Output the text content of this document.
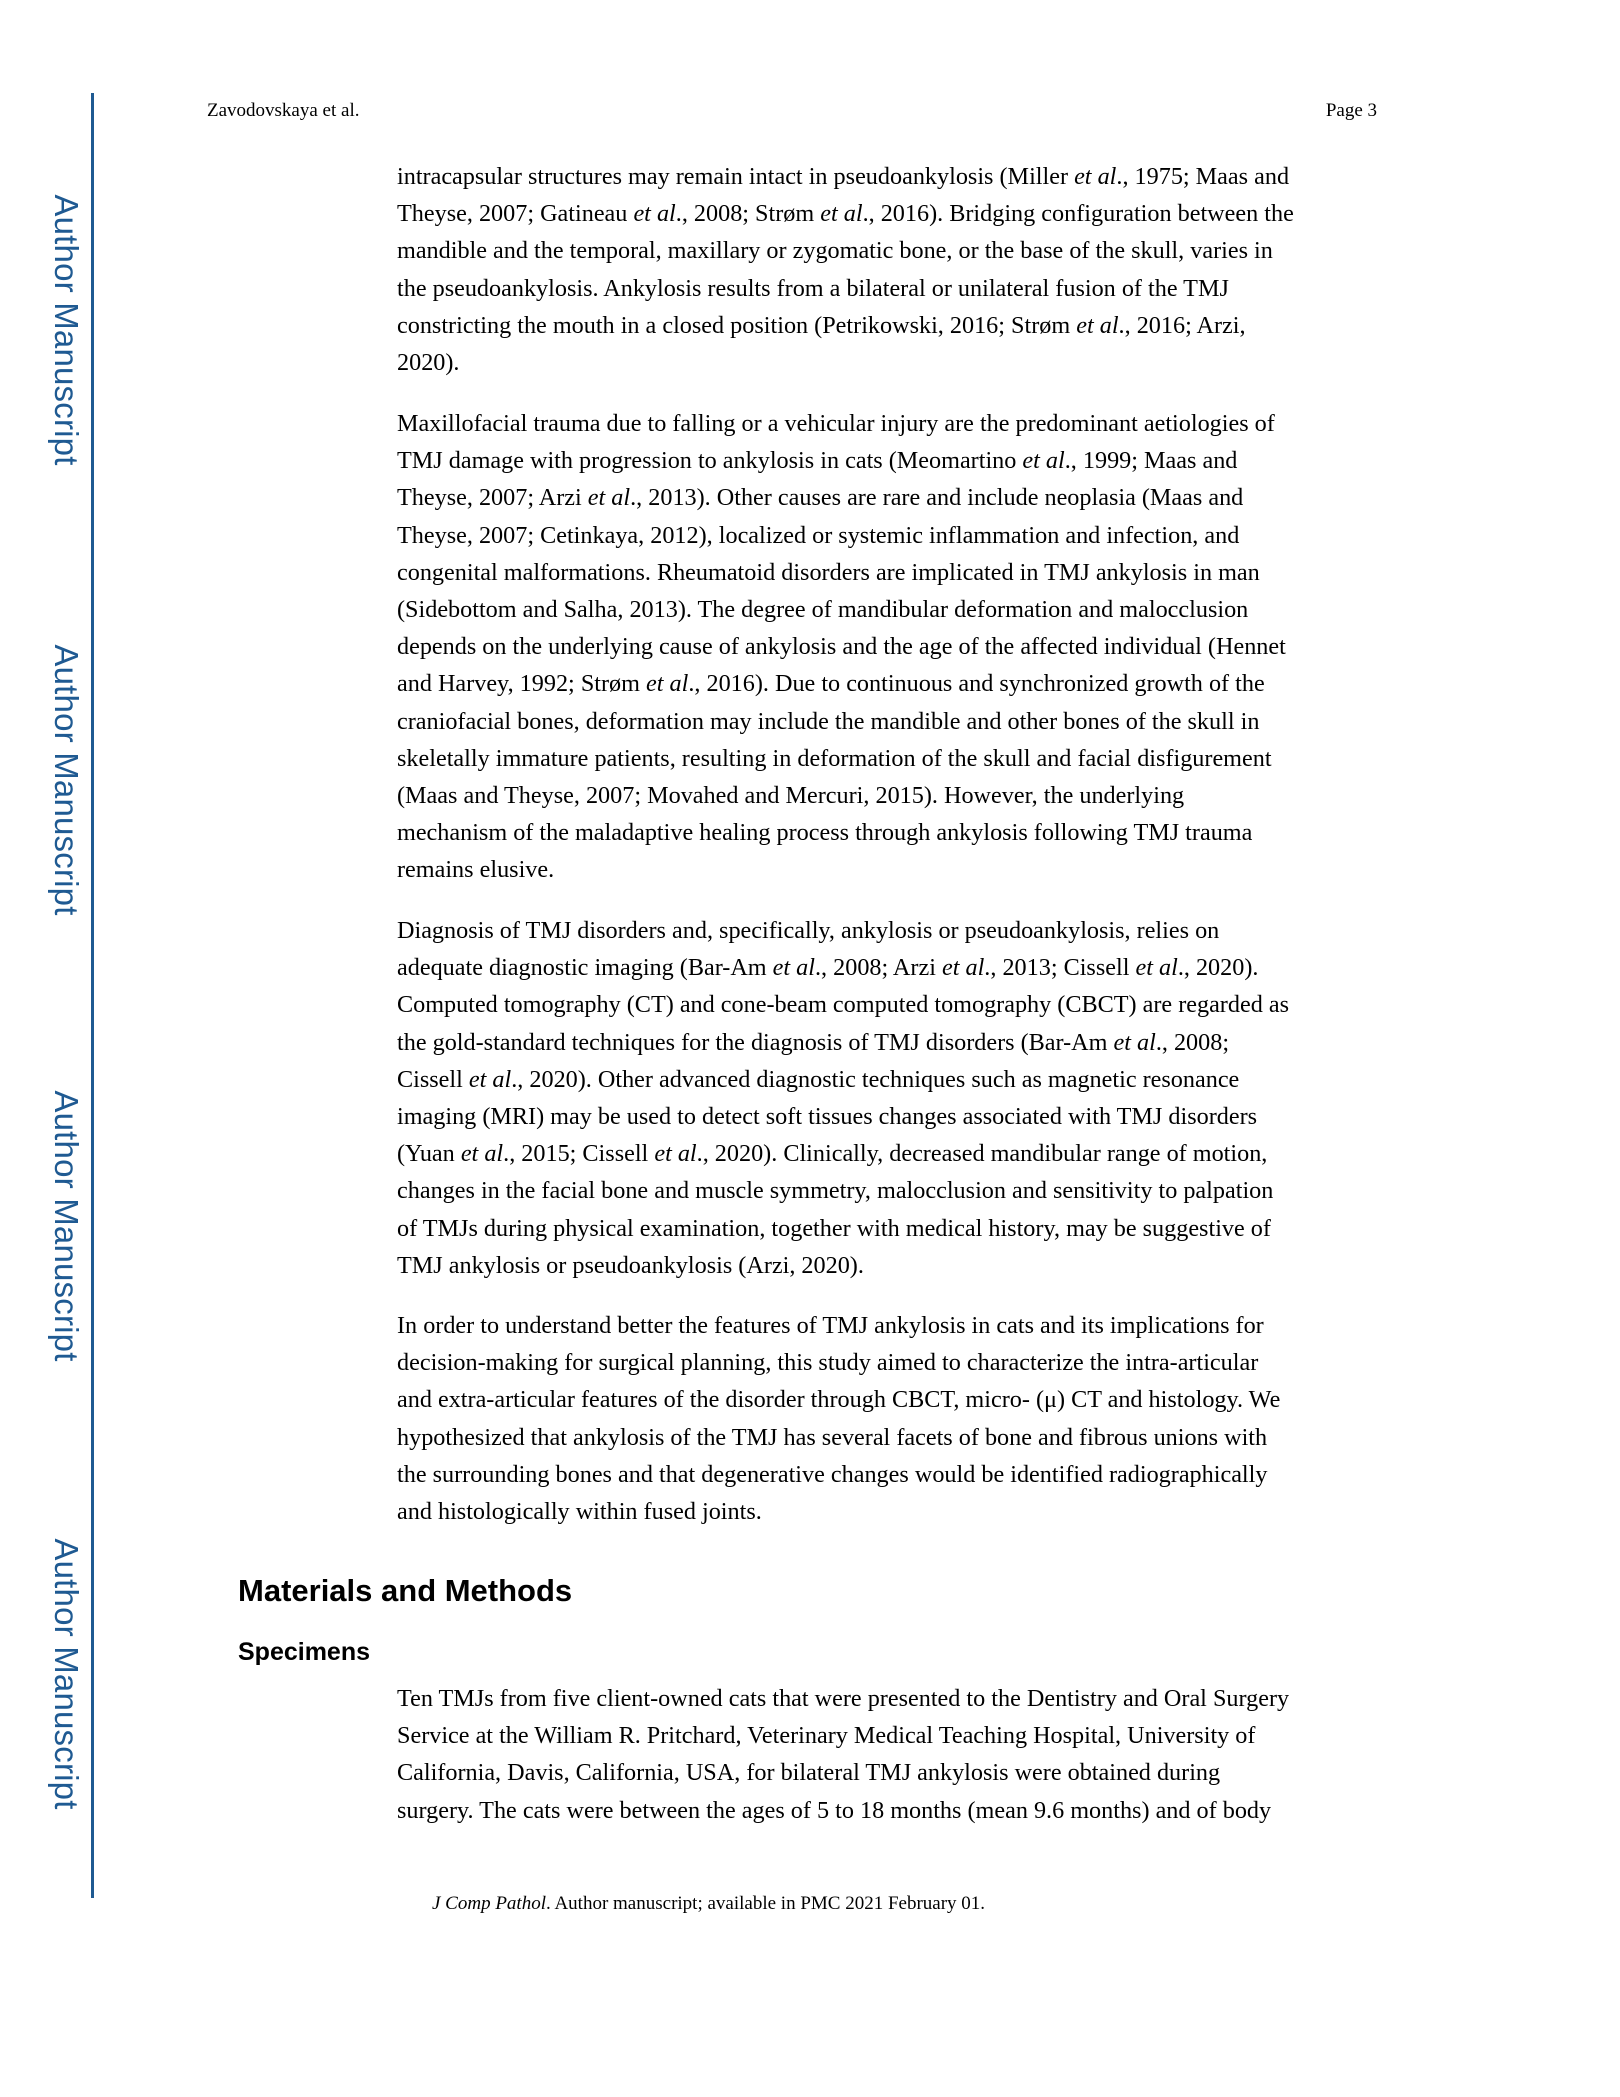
Author Manuscript
Author Manuscript
Author Manuscript
Author Manuscript
Zavodovskaya et al.	Page 3

intracapsular structures may remain intact in pseudoankylosis (Miller et al., 1975; Maas and
Theyse, 2007; Gatineau et al., 2008; Strøm et al., 2016). Bridging configuration between the
mandible and the temporal, maxillary or zygomatic bone, or the base of the skull, varies in
the pseudoankylosis. Ankylosis results from a bilateral or unilateral fusion of the TMJ
constricting the mouth in a closed position (Petrikowski, 2016; Strøm et al., 2016; Arzi,
2020).

Maxillofacial trauma due to falling or a vehicular injury are the predominant aetiologies of
TMJ damage with progression to ankylosis in cats (Meomartino et al., 1999; Maas and
Theyse, 2007; Arzi et al., 2013). Other causes are rare and include neoplasia (Maas and
Theyse, 2007; Cetinkaya, 2012), localized or systemic inflammation and infection, and
congenital malformations. Rheumatoid disorders are implicated in TMJ ankylosis in man
(Sidebottom and Salha, 2013). The degree of mandibular deformation and malocclusion
depends on the underlying cause of ankylosis and the age of the affected individual (Hennet
and Harvey, 1992; Strøm et al., 2016). Due to continuous and synchronized growth of the
craniofacial bones, deformation may include the mandible and other bones of the skull in
skeletally immature patients, resulting in deformation of the skull and facial disfigurement
(Maas and Theyse, 2007; Movahed and Mercuri, 2015). However, the underlying
mechanism of the maladaptive healing process through ankylosis following TMJ trauma
remains elusive.

Diagnosis of TMJ disorders and, specifically, ankylosis or pseudoankylosis, relies on
adequate diagnostic imaging (Bar-Am et al., 2008; Arzi et al., 2013; Cissell et al., 2020).
Computed tomography (CT) and cone-beam computed tomography (CBCT) are regarded as
the gold-standard techniques for the diagnosis of TMJ disorders (Bar-Am et al., 2008;
Cissell et al., 2020). Other advanced diagnostic techniques such as magnetic resonance
imaging (MRI) may be used to detect soft tissues changes associated with TMJ disorders
(Yuan et al., 2015; Cissell et al., 2020). Clinically, decreased mandibular range of motion,
changes in the facial bone and muscle symmetry, malocclusion and sensitivity to palpation
of TMJs during physical examination, together with medical history, may be suggestive of
TMJ ankylosis or pseudoankylosis (Arzi, 2020).

In order to understand better the features of TMJ ankylosis in cats and its implications for
decision-making for surgical planning, this study aimed to characterize the intra-articular
and extra-articular features of the disorder through CBCT, micro- (μ) CT and histology. We
hypothesized that ankylosis of the TMJ has several facets of bone and fibrous unions with
the surrounding bones and that degenerative changes would be identified radiographically
and histologically within fused joints.

Materials and Methods
Specimens

Ten TMJs from five client-owned cats that were presented to the Dentistry and Oral Surgery
Service at the William R. Pritchard, Veterinary Medical Teaching Hospital, University of
California, Davis, California, USA, for bilateral TMJ ankylosis were obtained during
surgery. The cats were between the ages of 5 to 18 months (mean 9.6 months) and of body

J Comp Pathol. Author manuscript; available in PMC 2021 February 01.
